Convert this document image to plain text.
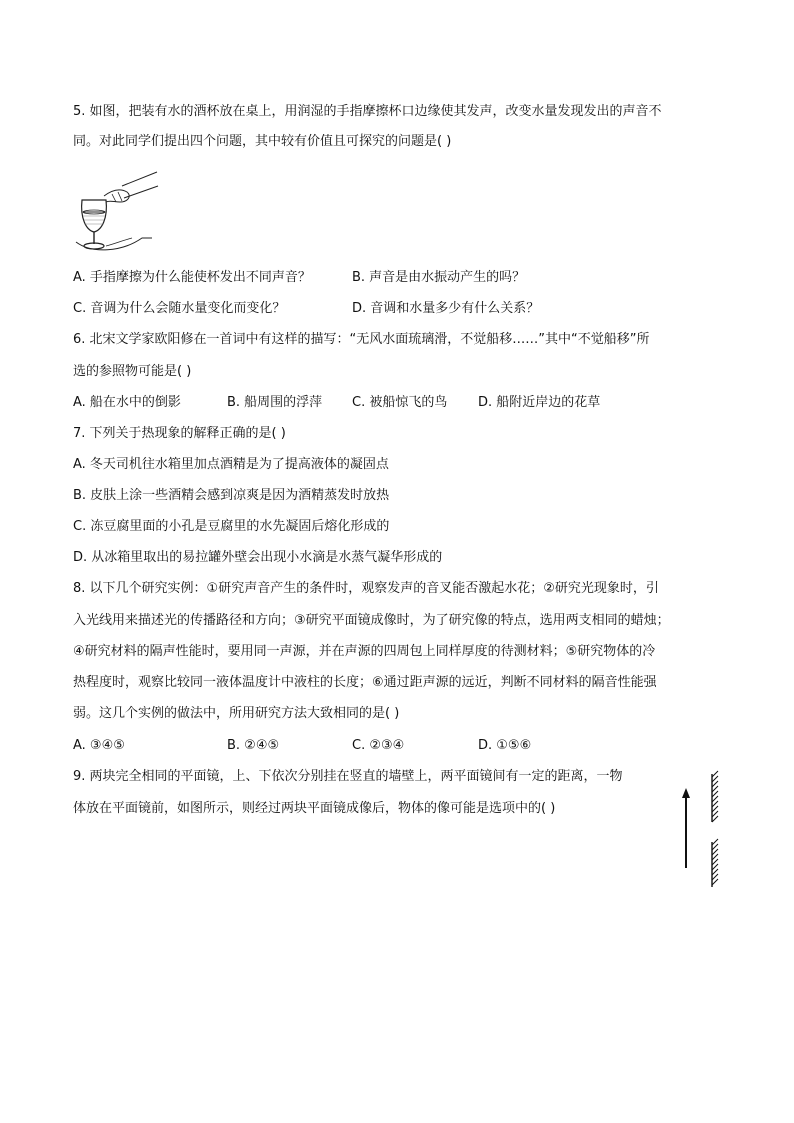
5. 如图，把装有水的酒杯放在桌上，用润湿的手指摩擦杯口边缘使其发声，改变水量发现发出的声音不
同。对此同学们提出四个问题，其中较有价值且可探究的问题是( )
A. 手指摩擦为什么能使杯发出不同声音？	B. 声音是由水振动产生的吗？
C. 音调为什么会随水量变化而变化？	D. 音调和水量多少有什么关系？
6. 北宋文学家欧阳修在一首词中有这样的描写：“无风水面琉璃滑，不觉船移……”其中“不觉船移”所
选的参照物可能是( )
A. 船在水中的倒影	B. 船周围的浮萍 C. 被船惊飞的鸟 D. 船附近岸边的花草
7. 下列关于热现象的解释正确的是( )
A. 冬天司机往水箱里加点酒精是为了提高液体的凝固点
B. 皮肤上涂一些酒精会感到凉爽是因为酒精蒸发时放热
C. 冻豆腐里面的小孔是豆腐里的水先凝固后熔化形成的
D. 从冰箱里取出的易拉罐外壁会出现小水滴是水蒸气凝华形成的
8. 以下几个研究实例：①研究声音产生的条件时，观察发声的音叉能否激起水花；②研究光现象时，引
入光线用来描述光的传播路径和方向；③研究平面镜成像时，为了研究像的特点，选用两支相同的蜡烛；
④研究材料的隔声性能时，要用同一声源，并在声源的四周包上同样厚度的待测材料；⑤研究物体的冷
热程度时，观察比较同一液体温度计中液柱的长度；⑥通过距声源的远近，判断不同材料的隔音性能强
弱。这几个实例的做法中，所用研究方法大致相同的是( )
A. ③④⑤	B. ②④⑤	C. ②③④	D. ①⑤⑥
9. 两块完全相同的平面镜，上、下依次分别挂在竖直的墙壁上，两平面镜间有一定的距离，一物
体放在平面镜前，如图所示，则经过两块平面镜成像后，物体的像可能是选项中的( )
